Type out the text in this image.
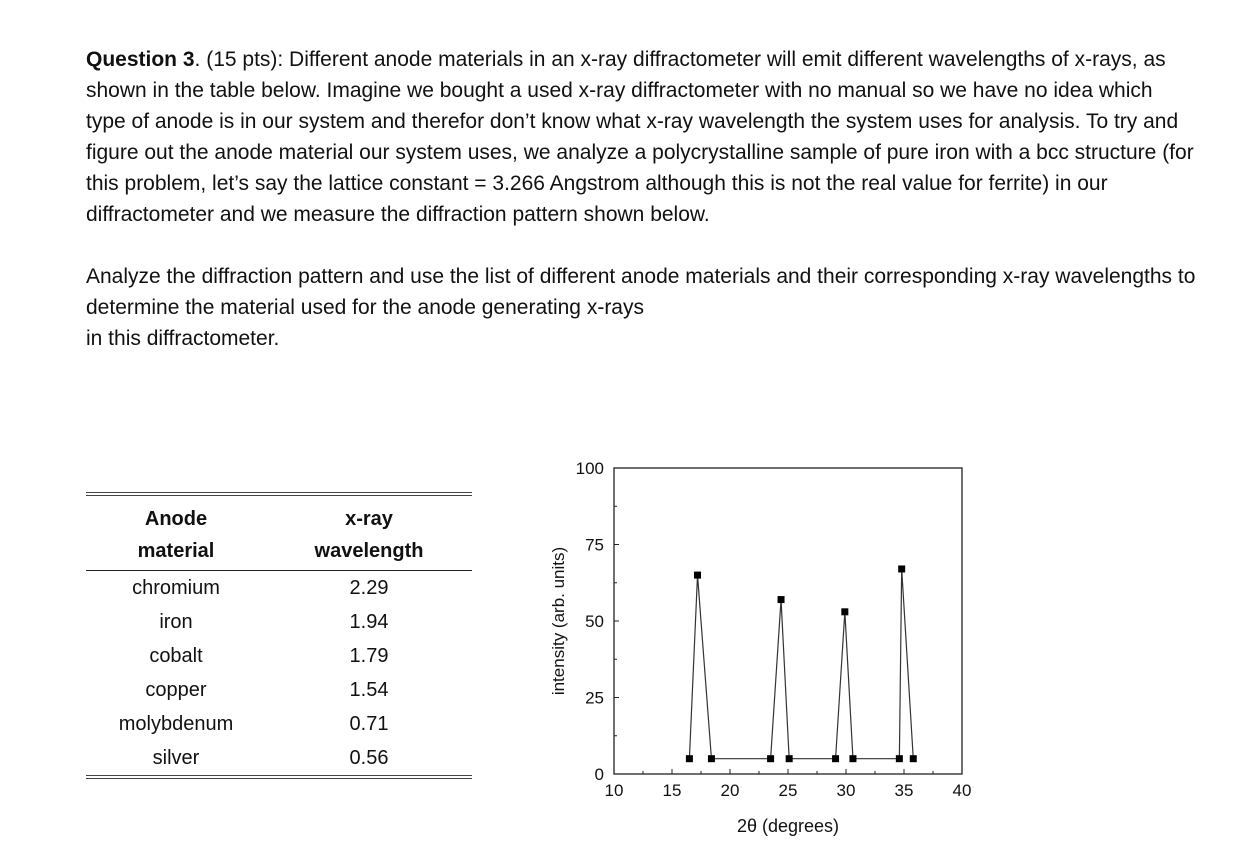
Question 3. (15 pts): Different anode materials in an x-ray diffractometer will emit different wavelengths of x-rays, as shown in the table below. Imagine we bought a used x-ray diffractometer with no manual so we have no idea which type of anode is in our system and therefor don’t know what x-ray wavelength the system uses for analysis. To try and figure out the anode material our system uses, we analyze a polycrystalline sample of pure iron with a bcc structure (for this problem, let’s say the lattice constant = 3.266 Angstrom although this is not the real value for ferrite) in our diffractometer and we measure the diffraction pattern shown below.

Analyze the diffraction pattern and use the list of different anode materials and their corresponding x-ray wavelengths to determine the material used for the anode generating x-rays
in this diffractometer.

Anode	x-ray
material	wavelength
chromium	2.29
iron	1.94
cobalt	1.79
copper	1.54
molybdenum	0.71
silver	0.56
10 15 20 25 30 35 40
0
25
50
75
100
2θ (degrees)
intensity (arb. units)
